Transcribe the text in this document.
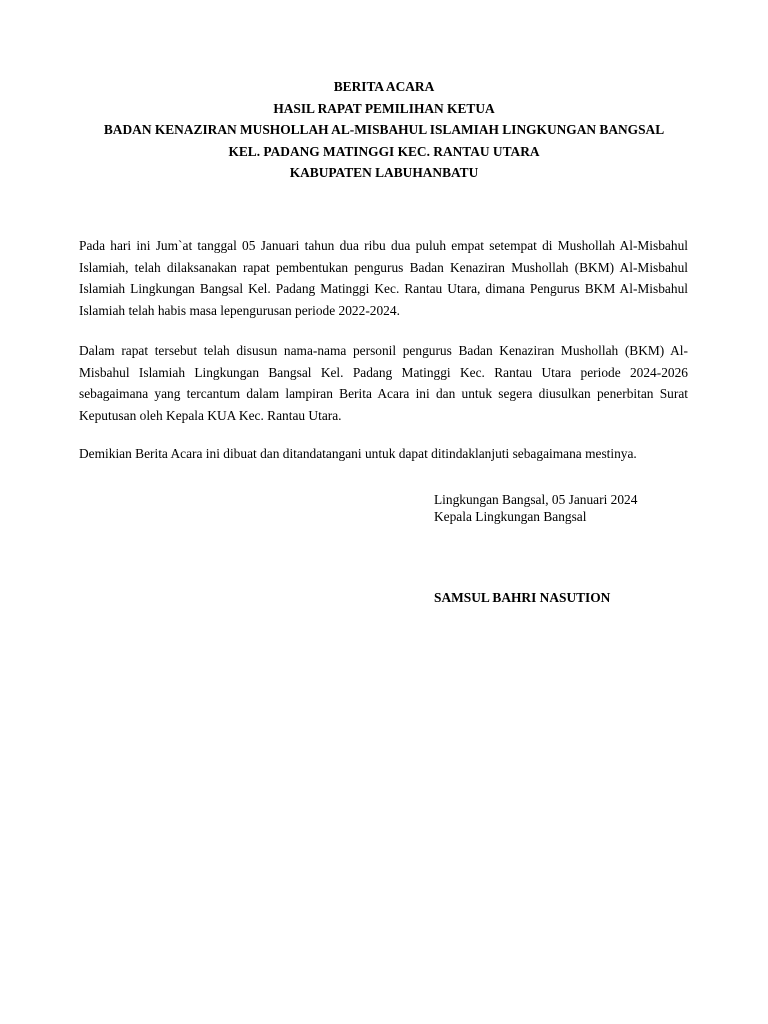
BERITA ACARA
HASIL RAPAT PEMILIHAN KETUA
BADAN KENAZIRAN MUSHOLLAH AL-MISBAHUL ISLAMIAH LINGKUNGAN BANGSAL
KEL. PADANG MATINGGI KEC. RANTAU UTARA
KABUPATEN LABUHANBATU

Pada hari ini Jum`at tanggal 05 Januari tahun dua ribu dua puluh empat setempat di Mushollah Al-Misbahul Islamiah, telah dilaksanakan rapat pembentukan pengurus Badan Kenaziran Mushollah (BKM) Al-Misbahul Islamiah Lingkungan Bangsal Kel. Padang Matinggi Kec. Rantau Utara, dimana Pengurus BKM Al-Misbahul Islamiah telah habis masa lepengurusan periode 2022-2024.

Dalam rapat tersebut telah disusun nama-nama personil pengurus Badan Kenaziran Mushollah (BKM) Al-Misbahul Islamiah Lingkungan Bangsal Kel. Padang Matinggi Kec. Rantau Utara periode 2024-2026 sebagaimana yang tercantum dalam lampiran Berita Acara ini dan untuk segera diusulkan penerbitan Surat Keputusan oleh Kepala KUA Kec. Rantau Utara.

Demikian Berita Acara ini dibuat dan ditandatangani untuk dapat ditindaklanjuti sebagaimana mestinya.

Lingkungan Bangsal, 05 Januari 2024
Kepala Lingkungan Bangsal
SAMSUL BAHRI NASUTION
